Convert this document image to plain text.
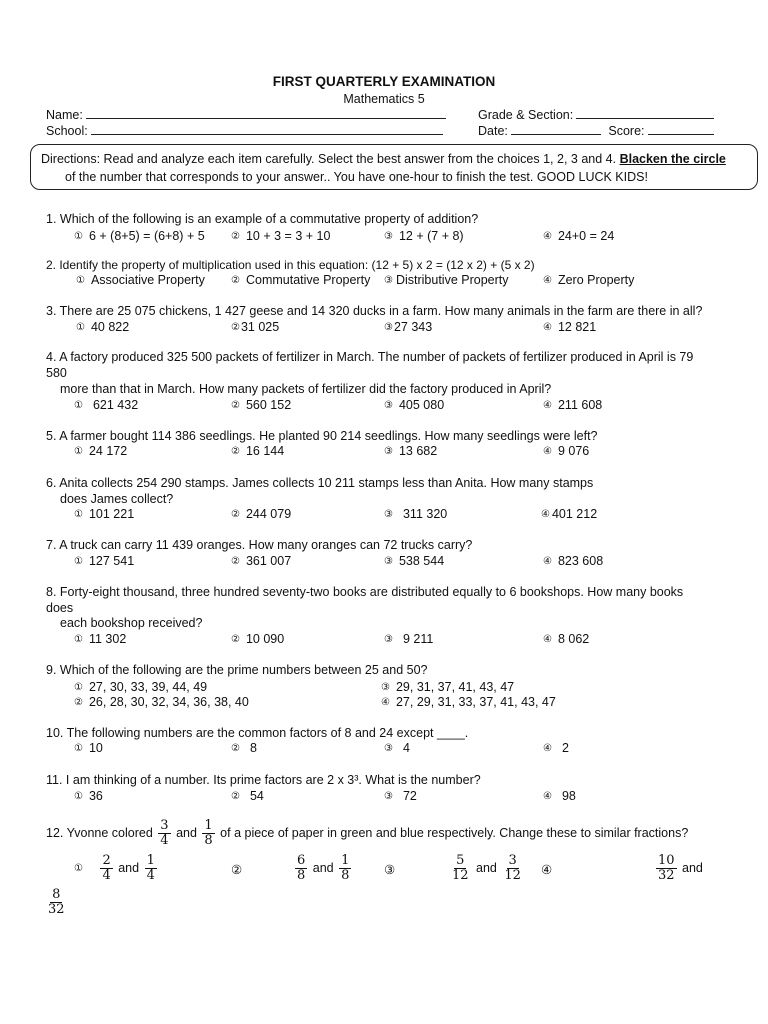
FIRST QUARTERLY EXAMINATION
Mathematics 5
Name:
School:
Grade & Section:
Date:	Score:
Directions: Read and analyze each item carefully. Select the best answer from the choices 1, 2, 3 and 4. Blacken the circle
of the number that corresponds to your answer.. You have one-hour to finish the test. GOOD LUCK KIDS!
1. Which of the following is an example of a commutative property of addition?
① 6 + (8+5) = (6+8) + 5	② 10 + 3 = 3 + 10	③ 12 + (7 + 8)	④ 24+0 = 24
2. Identify the property of multiplication used in this equation: (12 + 5) x 2 = (12 x 2) + (5 x 2)
① Associative Property	② Commutative Property ③ Distributive Property	④ Zero Property
3. There are 25 075 chickens, 1 427 geese and 14 320 ducks in a farm. How many animals in the farm are there in all?
① 40 822	②31 025	③27 343	④ 12 821
4. A factory produced 325 500 packets of fertilizer in March. The number of packets of fertilizer produced in April is 79
580
more than that in March. How many packets of fertilizer did the factory produced in April?
① 621 432	② 560 152	③ 405 080	④ 211 608
5. A farmer bought 114 386 seedlings. He planted 90 214 seedlings. How many seedlings were left?
① 24 172	② 16 144	③ 13 682	④ 9 076
6. Anita collects 254 290 stamps. James collects 10 211 stamps less than Anita. How many stamps
does James collect?
① 101 221	② 244 079	③ 311 320	④ 401 212
7. A truck can carry 11 439 oranges. How many oranges can 72 trucks carry?
① 127 541	② 361 007	③ 538 544	④ 823 608
8. Forty-eight thousand, three hundred seventy-two books are distributed equally to 6 bookshops. How many books
does
each bookshop received?
① 11 302	② 10 090	③ 9 211	④ 8 062
9. Which of the following are the prime numbers between 25 and 50?
① 27, 30, 33, 39, 44, 49
② 26, 28, 30, 32, 34, 36, 38, 40
③ 29, 31, 37, 41, 43, 47
④ 27, 29, 31, 33, 37, 41, 43, 47
10. The following numbers are the common factors of 8 and 24 except ____.
① 10	② 8	③ 4	④ 2
11. I am thinking of a number. Its prime factors are 2 x 3³. What is the number?
① 36	② 54	③ 72	④ 98
12. Yvonne colored $\frac{3}{4}$ and $\frac{1}{8}$ of a piece of paper in green and blue respectively. Change these to similar fractions?
① $\frac{2}{4}$ and $\frac{1}{4}$	②	$\frac{6}{8}$ and $\frac{1}{8}$	③	$\frac{5}{12}$ and $\frac{3}{12}$ ④	$\frac{10}{32}$ and
$\frac{8}{32}$
